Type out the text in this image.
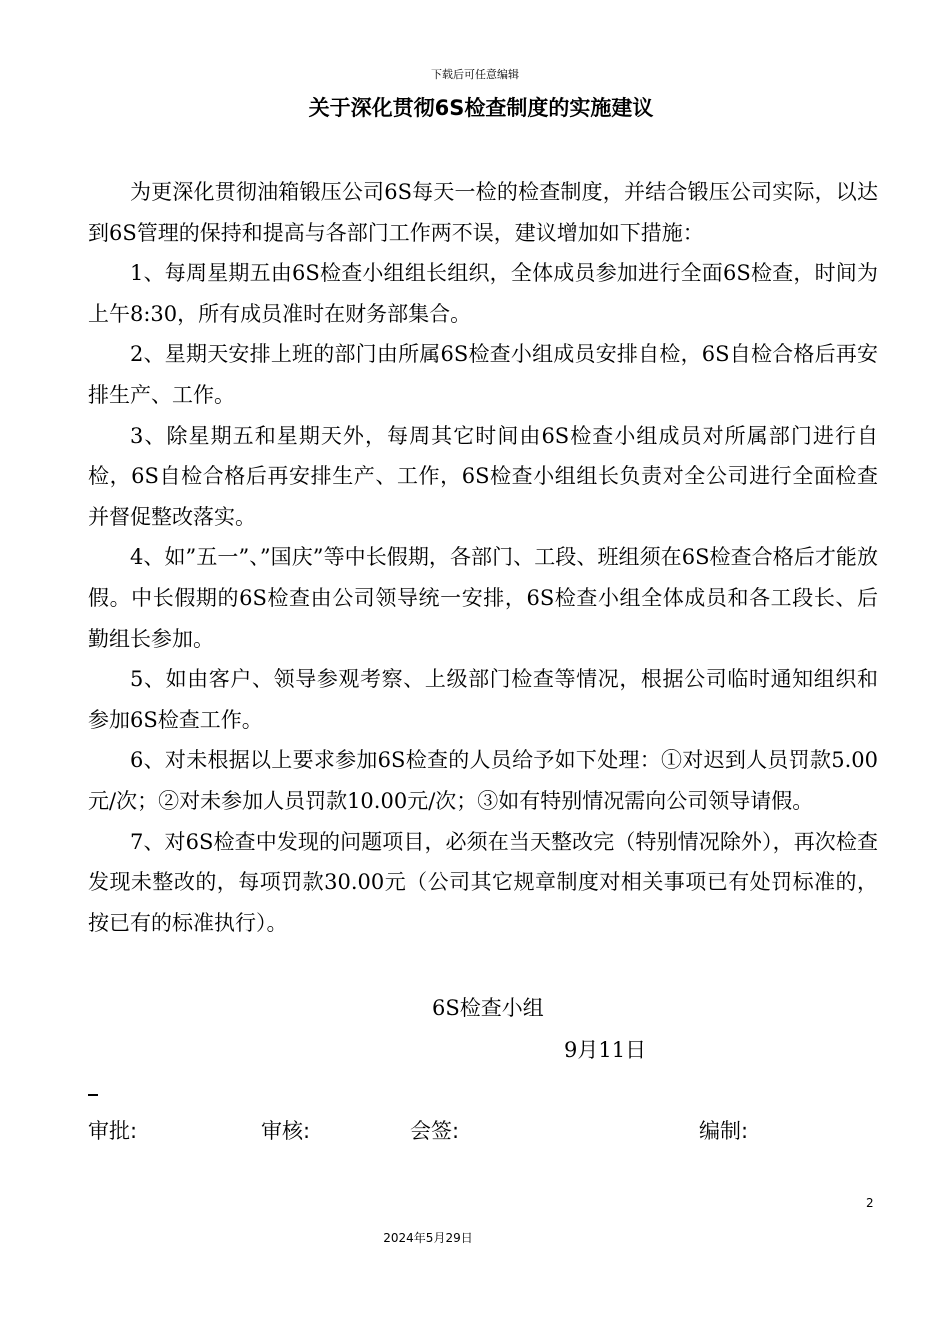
下载后可任意编辑
关于深化贯彻6S检查制度的实施建议

为更深化贯彻油箱锻压公司6S每天一检的检查制度，并结合锻压公司实际，以达到6S管理的保持和提高与各部门工作两不误，建议增加如下措施：

1、每周星期五由6S检查小组组长组织，全体成员参加进行全面6S检查，时间为上午8:30，所有成员准时在财务部集合。

2、星期天安排上班的部门由所属6S检查小组成员安排自检，6S自检合格后再安排生产、工作。

3、除星期五和星期天外，每周其它时间由6S检查小组成员对所属部门进行自检，6S自检合格后再安排生产、工作，6S检查小组组长负责对全公司进行全面检查并督促整改落实。

4、如”五一”、”国庆”等中长假期，各部门、工段、班组须在6S检查合格后才能放假。中长假期的6S检查由公司领导统一安排，6S检查小组全体成员和各工段长、后勤组长参加。

5、如由客户、领导参观考察、上级部门检查等情况，根据公司临时通知组织和参加6S检查工作。

6、对未根据以上要求参加6S检查的人员给予如下处理：①对迟到人员罚款5.00元/次；②对未参加人员罚款10.00元/次；③如有特别情况需向公司领导请假。

7、对6S检查中发现的问题项目，必须在当天整改完（特别情况除外），再次检查发现未整改的，每项罚款30.00元（公司其它规章制度对相关事项已有处罚标准的，按已有的标准执行）。

6S检查小组
9月11日
审批:	审核:	会签:	编制:
2
2024年5月29日
